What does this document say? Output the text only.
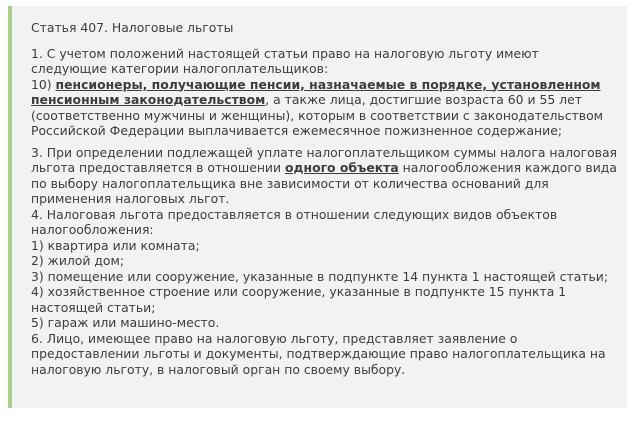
Статья 407. Налоговые льготы

1. С учетом положений настоящей статьи право на налоговую льготу имеют следующие категории налогоплательщиков:

10) пенсионеры, получающие пенсии, назначаемые в порядке, установленном пенсионным законодательством, а также лица, достигшие возраста 60 и 55 лет (соответственно мужчины и женщины), которым в соответствии с законодательством Российской Федерации выплачивается ежемесячное пожизненное содержание;

3. При определении подлежащей уплате налогоплательщиком суммы налога налоговая льгота предоставляется в отношении одного объекта налогообложения каждого вида по выбору налогоплательщика вне зависимости от количества оснований для применения налоговых льгот.

4. Налоговая льгота предоставляется в отношении следующих видов объектов налогообложения:

1) квартира или комната;
2) жилой дом;
3) помещение или сооружение, указанные в подпункте 14 пункта 1 настоящей статьи;
4) хозяйственное строение или сооружение, указанные в подпункте 15 пункта 1 настоящей статьи;
5) гараж или машино-место.

6. Лицо, имеющее право на налоговую льготу, представляет заявление о предоставлении льготы и документы, подтверждающие право налогоплательщика на налоговую льготу, в налоговый орган по своему выбору.
